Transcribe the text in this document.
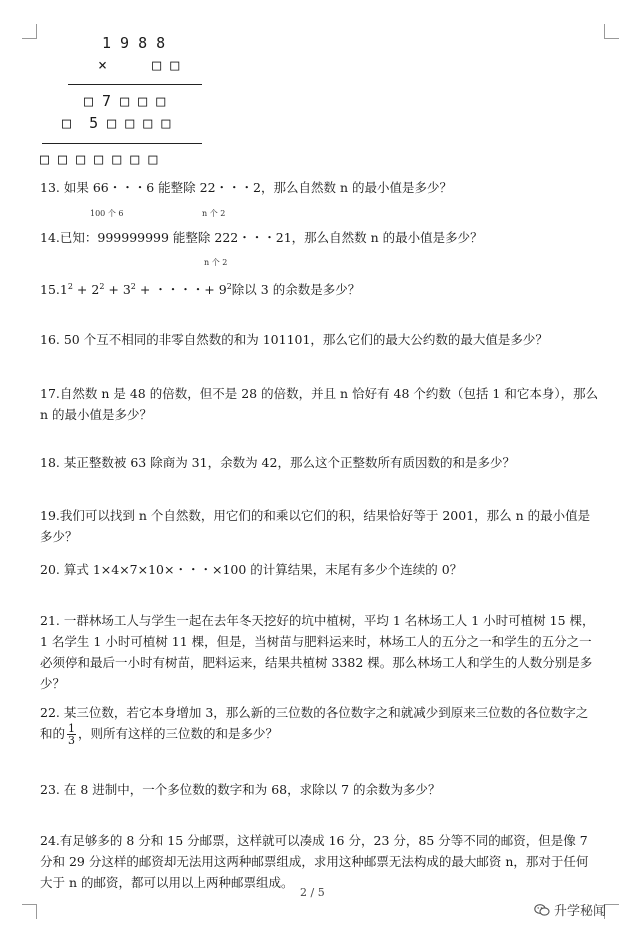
1 9 8 8
×     □ □
□ 7 □ □ □
□  5 □ □ □ □
□ □ □ □ □ □ □
13. 如果 66・・・6 能整除 22・・・2，那么自然数 n 的最小值是多少？
100 个 6	n 个 2
14.已知：999999999 能整除 222・・・21，那么自然数 n 的最小值是多少？
n 个 2
$15.1^2 + 2^2 + 3^2$ + ・・・・+ $9^2$除以 3 的余数是多少？
16. 50 个互不相同的非零自然数的和为 101101，那么它们的最大公约数的最大值是多少？
17.自然数 n 是 48 的倍数，但不是 28 的倍数，并且 n 恰好有 48 个约数（包括 1 和它本身），那么 n 的最小值是多少？
18. 某正整数被 63 除商为 31，余数为 42，那么这个正整数所有质因数的和是多少？
19.我们可以找到 n 个自然数，用它们的和乘以它们的积，结果恰好等于 2001，那么 n 的最小值是多少？
20. 算式 1×4×7×10×・・・×100 的计算结果，末尾有多少个连续的 0？
21. 一群林场工人与学生一起在去年冬天挖好的坑中植树，平均 1 名林场工人 1 小时可植树 15 棵，1 名学生 1 小时可植树 11 棵，但是，当树苗与肥料运来时，林场工人的五分之一和学生的五分之一必须停和最后一小时有树苗，肥料运来，结果共植树 3382 棵。那么林场工人和学生的人数分别是多少？
22. 某三位数，若它本身增加 3，那么新的三位数的各位数字之和就减少到原来三位数的各位数字之和的 $\frac{1}{3}$ ，则所有这样的三位数的和是多少？
23. 在 8 进制中，一个多位数的数字和为 68，求除以 7 的余数为多少？
24.有足够多的 8 分和 15 分邮票，这样就可以凑成 16 分，23 分，85 分等不同的邮资，但是像 7 分和 29 分这样的邮资却无法用这两种邮票组成，求用这种邮票无法构成的最大邮资 n，那对于任何大于 n 的邮资，都可以用以上两种邮票组成。
2 / 5
升学秘闻
